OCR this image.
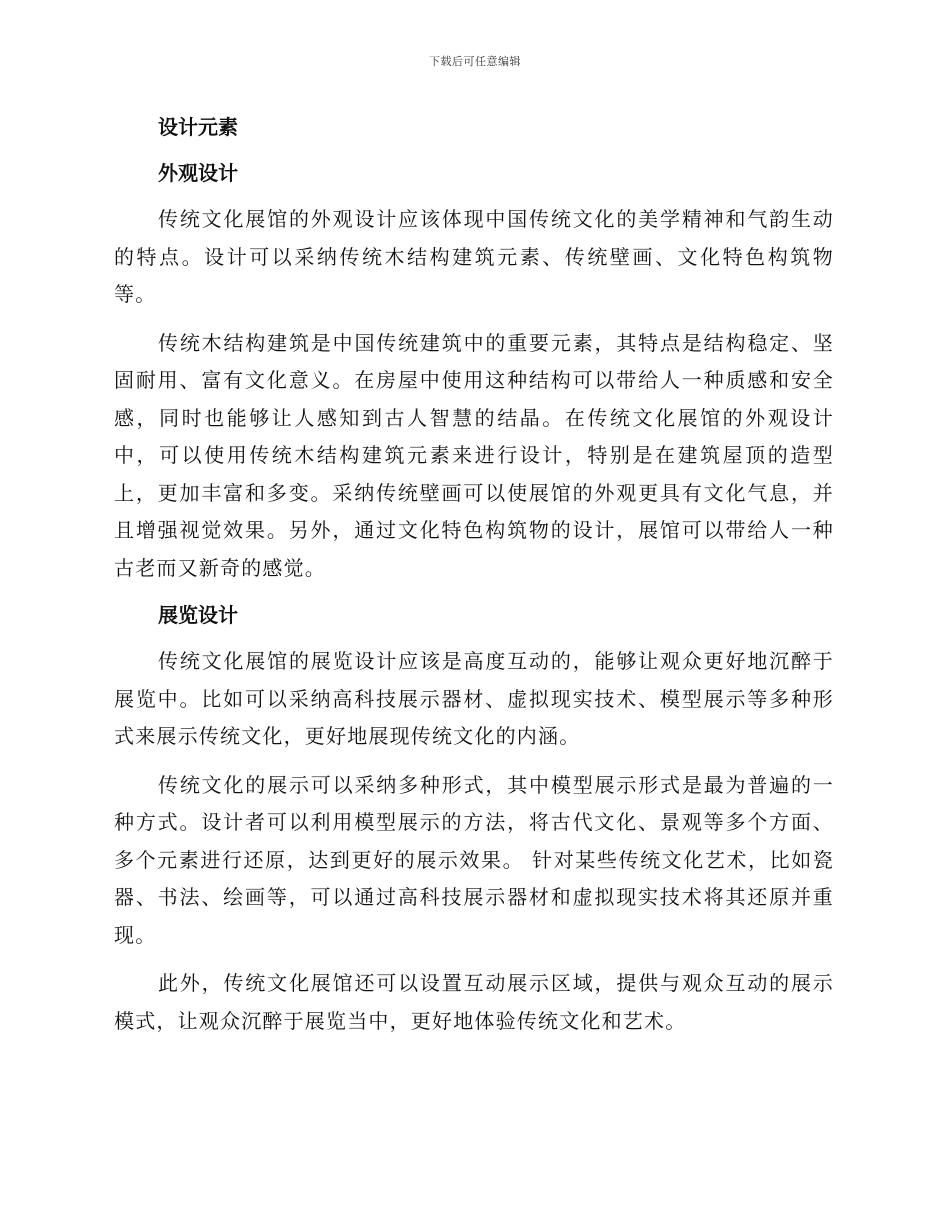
下载后可任意编辑
设计元素
外观设计

传统文化展馆的外观设计应该体现中国传统文化的美学精神和气韵生动的特点。设计可以采纳传统木结构建筑元素、传统壁画、文化特色构筑物等。

传统木结构建筑是中国传统建筑中的重要元素，其特点是结构稳定、坚固耐用、富有文化意义。在房屋中使用这种结构可以带给人一种质感和安全感，同时也能够让人感知到古人智慧的结晶。在传统文化展馆的外观设计中，可以使用传统木结构建筑元素来进行设计，特别是在建筑屋顶的造型上，更加丰富和多变。采纳传统壁画可以使展馆的外观更具有文化气息，并且增强视觉效果。另外，通过文化特色构筑物的设计，展馆可以带给人一种古老而又新奇的感觉。

展览设计

传统文化展馆的展览设计应该是高度互动的，能够让观众更好地沉醉于展览中。比如可以采纳高科技展示器材、虚拟现实技术、模型展示等多种形式来展示传统文化，更好地展现传统文化的内涵。

传统文化的展示可以采纳多种形式，其中模型展示形式是最为普遍的一种方式。设计者可以利用模型展示的方法，将古代文化、景观等多个方面、多个元素进行还原，达到更好的展示效果。 针对某些传统文化艺术，比如瓷器、书法、绘画等，可以通过高科技展示器材和虚拟现实技术将其还原并重现。

此外，传统文化展馆还可以设置互动展示区域，提供与观众互动的展示模式，让观众沉醉于展览当中，更好地体验传统文化和艺术。
